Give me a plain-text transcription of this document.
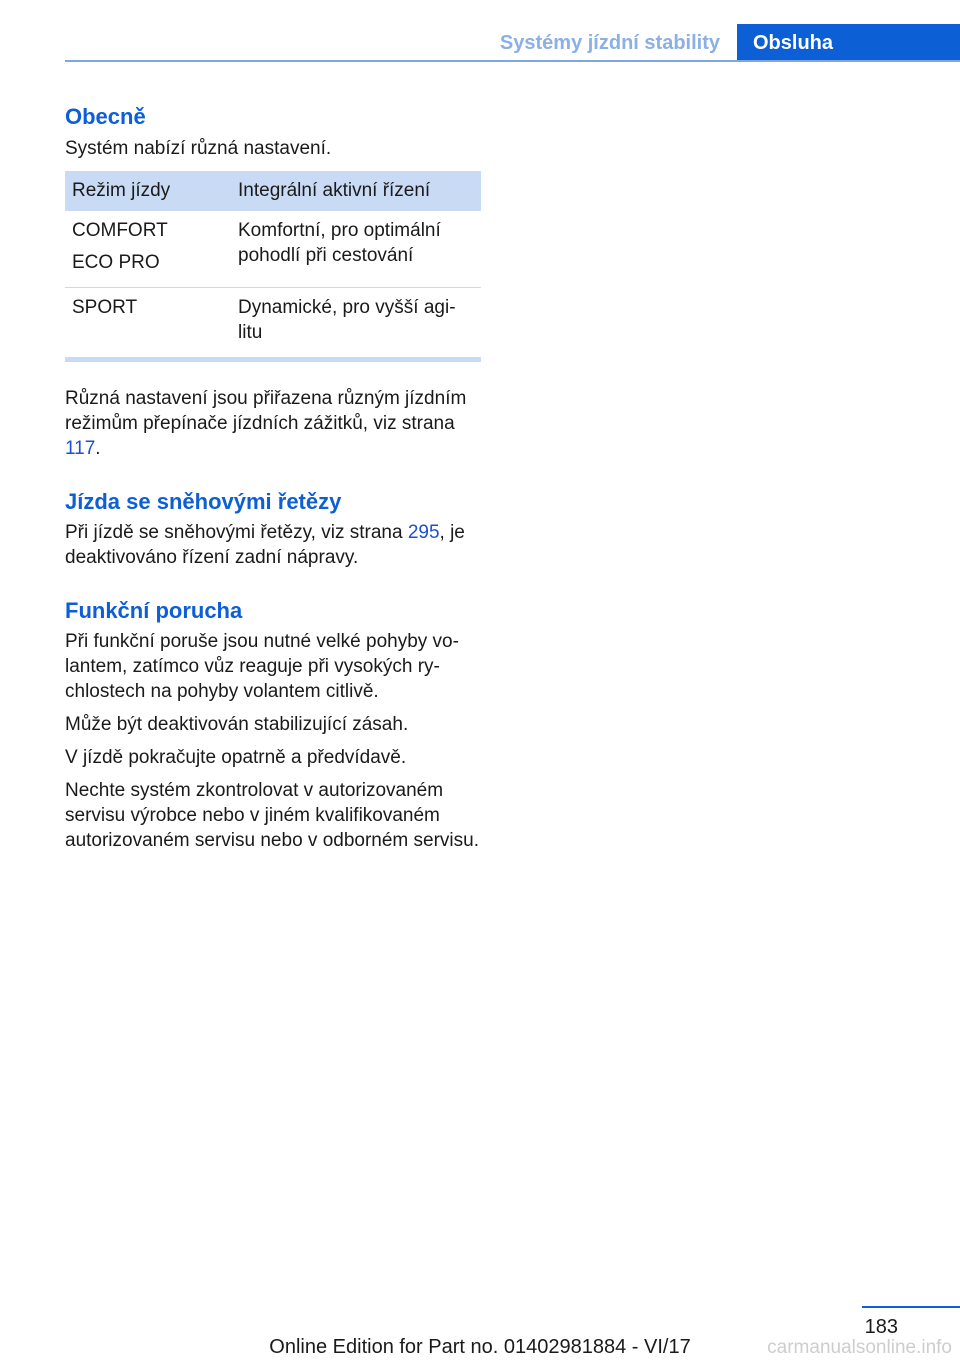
Systémy jízdní stability	Obsluha
Obecně

Systém nabízí různá nastavení.

Režim jízdy	Integrální aktivní řízení

COMFORT
ECO PRO	Komfortní, pro optimální pohodlí při cestování

SPORT	Dynamické, pro vyšší agilitu

Různá nastavení jsou přiřazena různým jízdním režimům přepínače jízdních zážitků, viz strana 117.

Jízda se sněhovými řetězy

Při jízdě se sněhovými řetězy, viz strana 295, je deaktivováno řízení zadní nápravy.

Funkční porucha

Při funkční poruše jsou nutné velké pohyby volantem, zatímco vůz reaguje při vysokých rychlostech na pohyby volantem citlivě.

Může být deaktivován stabilizující zásah.

V jízdě pokračujte opatrně a předvídavě.

Nechte systém zkontrolovat v autorizovaném servisu výrobce nebo v jiném kvalifikovaném autorizovaném servisu nebo v odborném servisu.

183
Online Edition for Part no. 01402981884 - VI/17	carmanualsonline.info
